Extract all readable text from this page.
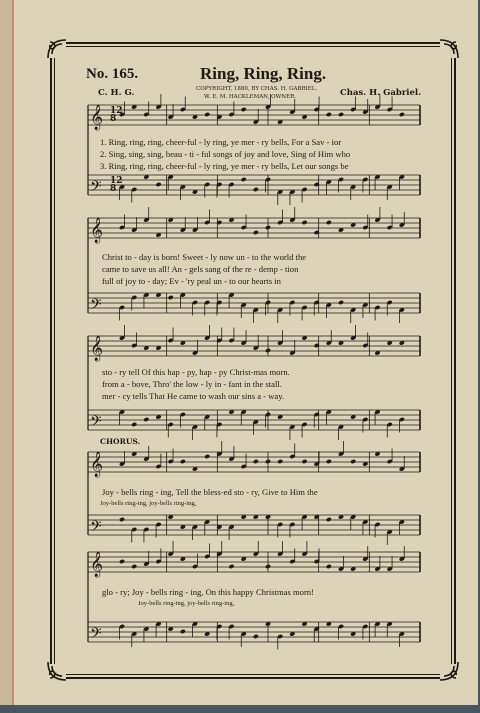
No. 165.	Ring, Ring, Ring.
C. H. G.	COPYRIGHT, 1880, BY CHAS. H. GABRIEL.
W. E. M. HACKLEMAN, OWNER.	Chas. H. Gabriel.
𝄞
𝄢
𝄞
𝄢
𝄞
𝄢
𝄞
𝄢
𝄞
𝄢
12
8
12
8
1. Ring, ring, ring, cheer-ful - ly ring, ye mer - ry bells, For a Sav - ior
2. Sing, sing, sing, beau - ti - ful songs of joy and love, Sing of Him who
3. Ring, ring, ring, cheer-ful - ly ring, ye mer - ry bells, Let our songs be
Christ to - day is born! Sweet - ly now un - to the world the
came to save us all! An - gels sang of the re - demp - tion
full of joy to - day; Ev - 'ry peal un - to our hearts in
sto - ry tell Of this hap - py, hap - py Christ-mas morn.
from a - bove, Thro' the low - ly in - fant in the stall.
mer - cy tells That He came to wash our sins a - way.
CHORUS.
Joy - bells ring - ing, Tell the bless-ed sto - ry, Give to Him the
Joy-bells ring-ing, joy-bells ring-ing,
glo - ry; Joy - bells ring - ing, On this happy Christmas morn!
Joy-bells ring-ing, joy-bells ring-ing,
